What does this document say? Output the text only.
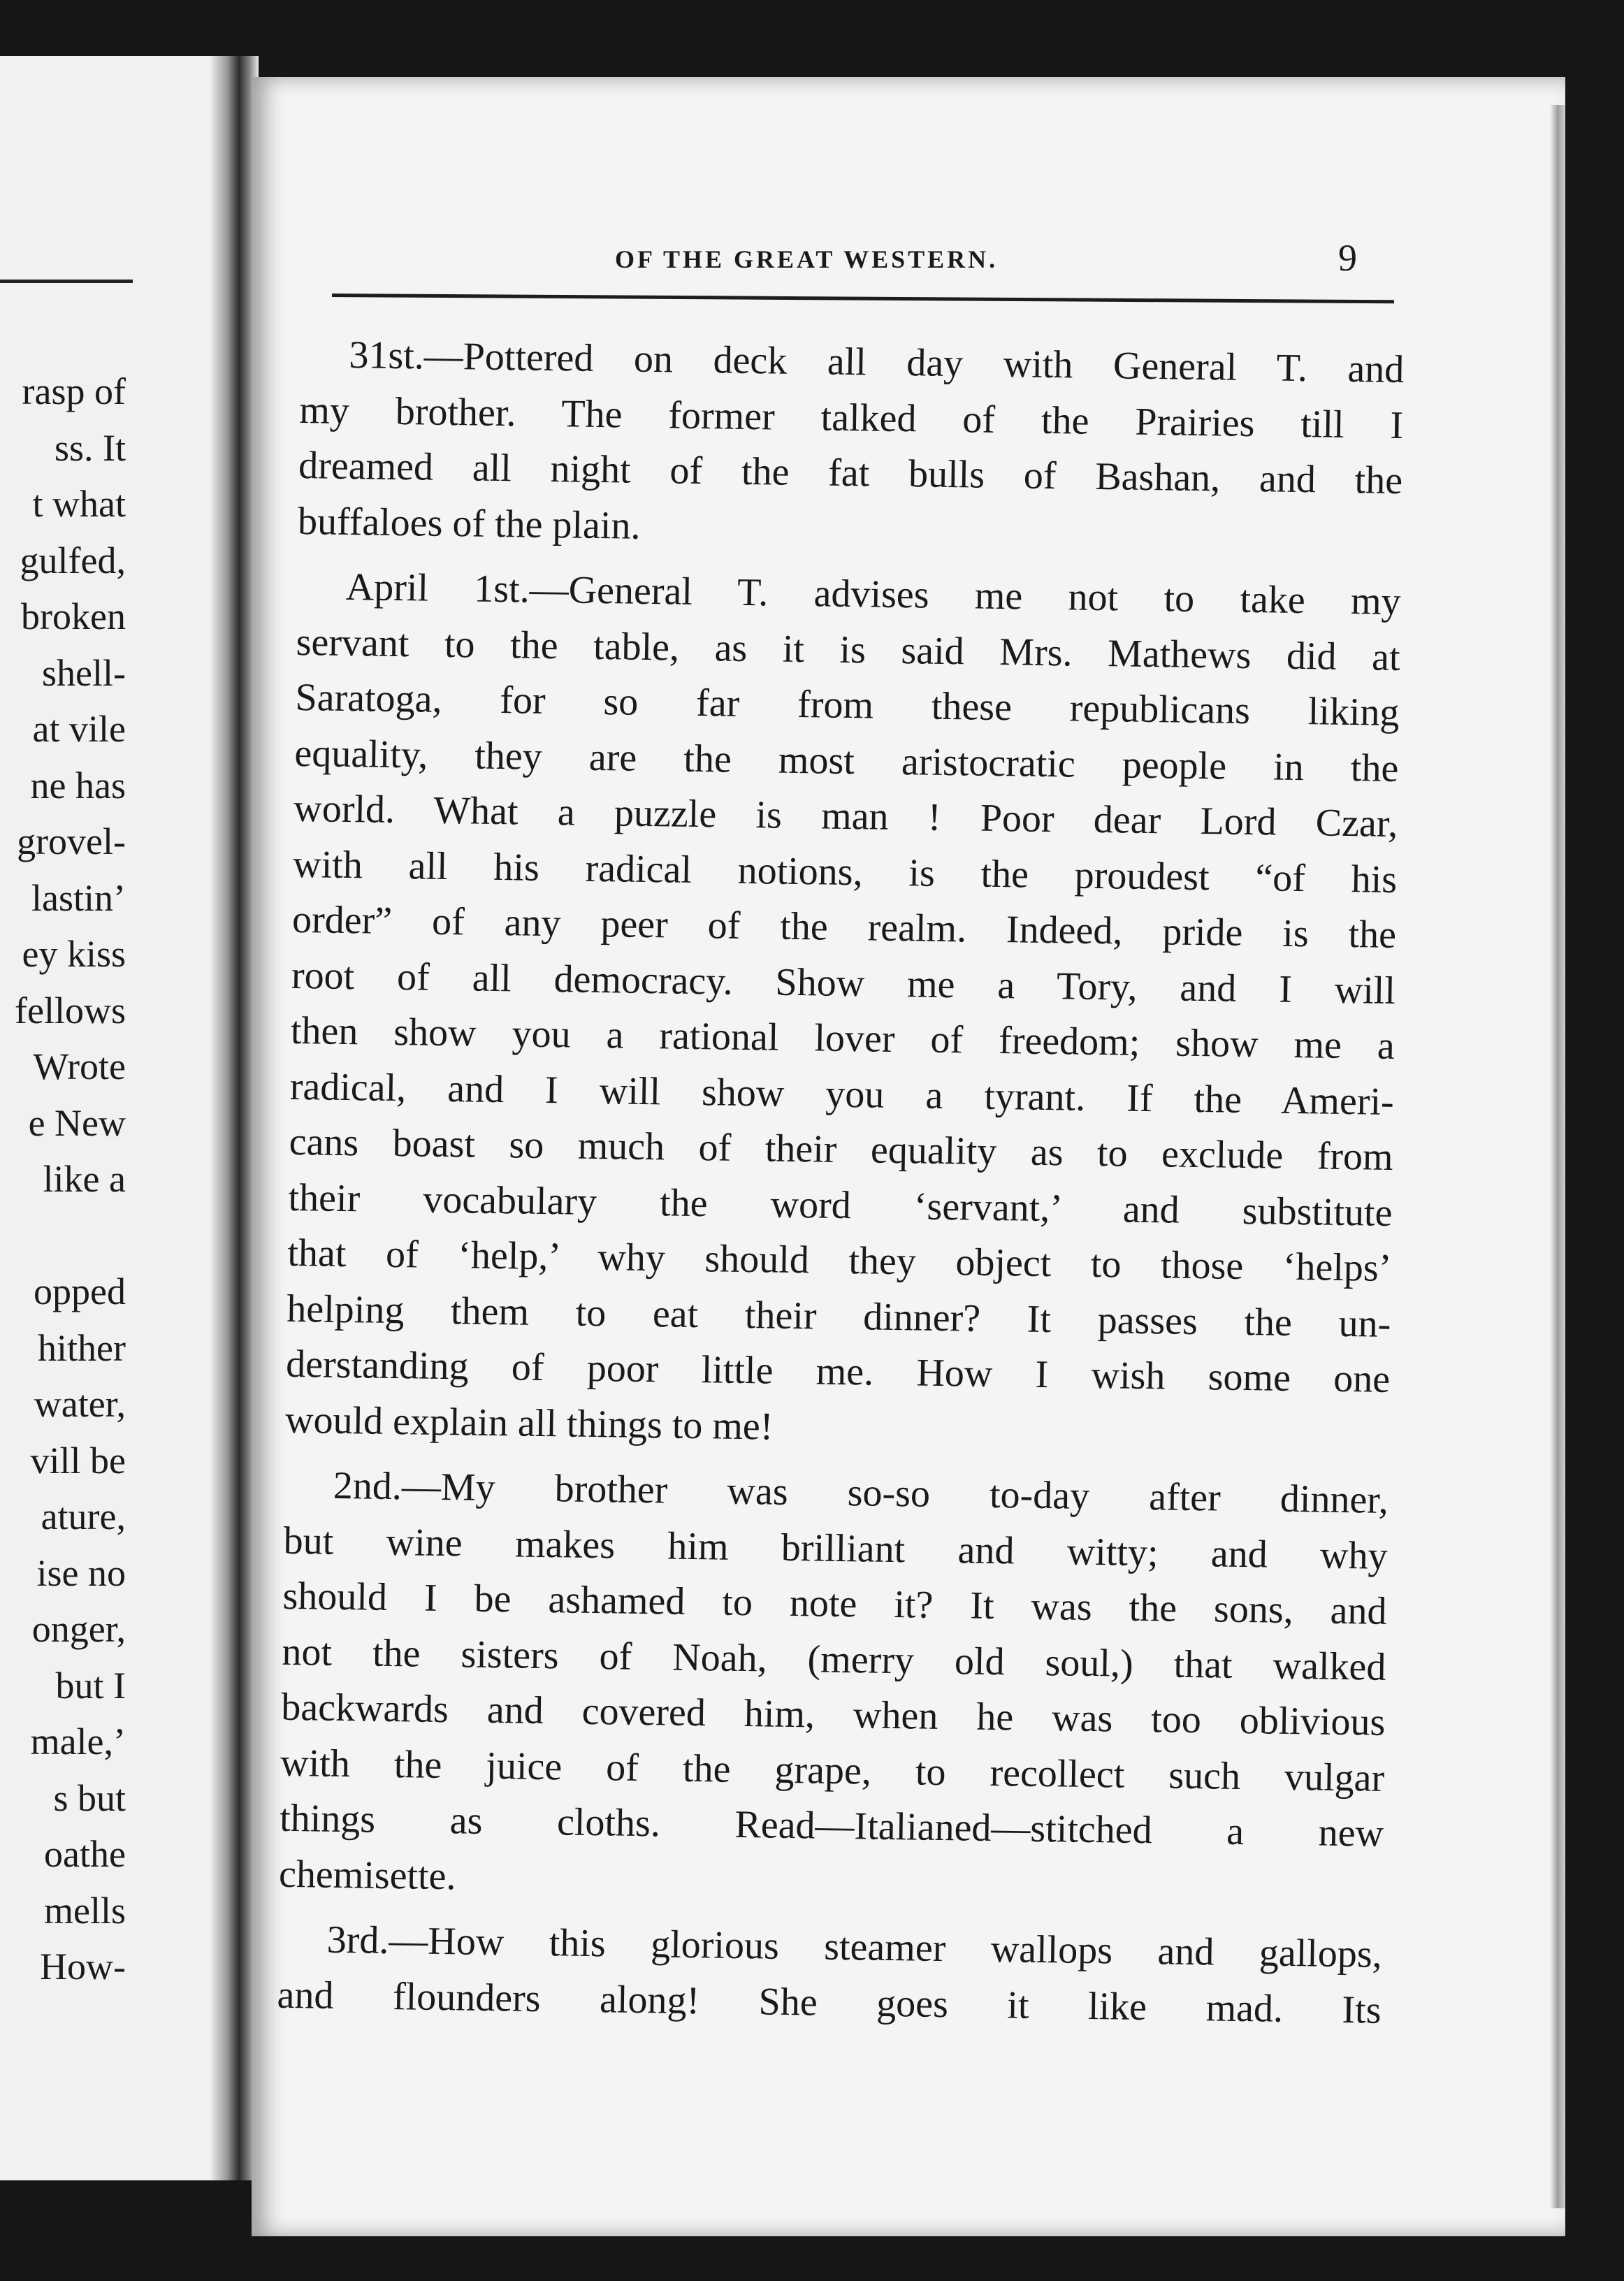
rasp of
ss. It
t what
gulfed,
broken
shell-
at vile
ne has
grovel-
lastin’
ey kiss
fellows
Wrote
e New
like a
opped
hither
water,
vill be
ature,
ise no
onger,
but I
male,’
s but
oathe
mells
How-
OF THE GREAT WESTERN.	9
31st.—Pottered on deck all day with General T. and
my brother. The former talked of the Prairies till I
dreamed all night of the fat bulls of Bashan, and the
buffaloes of the plain.
April 1st.—General T. advises me not to take my
servant to the table, as it is said Mrs. Mathews did at
Saratoga, for so far from these republicans liking
equality, they are the most aristocratic people in the
world. What a puzzle is man ! Poor dear Lord Czar,
with all his radical notions, is the proudest “of his
order” of any peer of the realm. Indeed, pride is the
root of all democracy. Show me a Tory, and I will
then show you a rational lover of freedom; show me a
radical, and I will show you a tyrant. If the Ameri-
cans boast so much of their equality as to exclude from
their vocabulary the word ‘servant,’ and substitute
that of ‘help,’ why should they object to those ‘helps’
helping them to eat their dinner? It passes the un-
derstanding of poor little me. How I wish some one
would explain all things to me!
2nd.—My brother was so-so to-day after dinner,
but wine makes him brilliant and witty; and why
should I be ashamed to note it? It was the sons, and
not the sisters of Noah, (merry old soul,) that walked
backwards and covered him, when he was too oblivious
with the juice of the grape, to recollect such vulgar
things as cloths. Read—Italianed—stitched a new
chemisette.
3rd.—How this glorious steamer wallops and gallops,
and flounders along! She goes it like mad. Its
